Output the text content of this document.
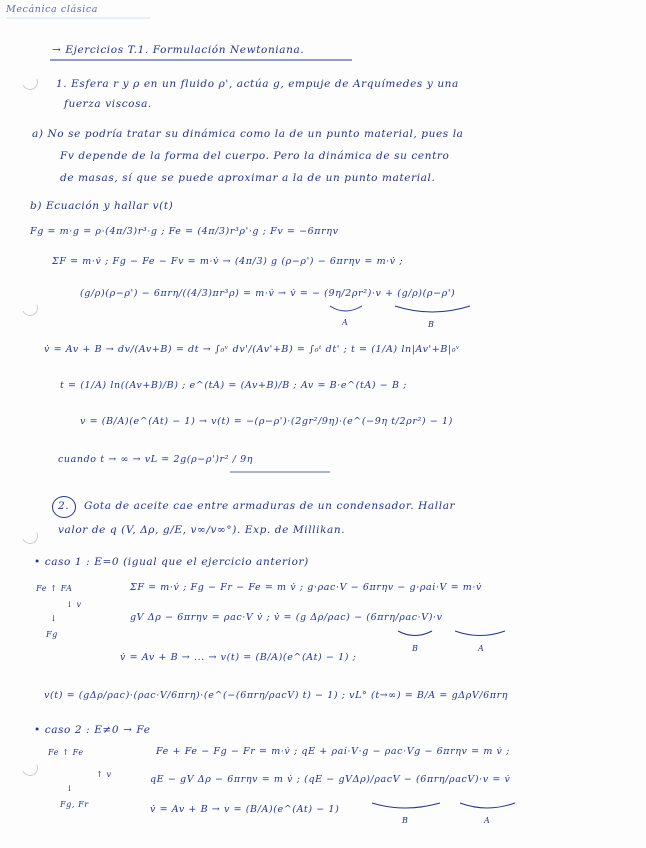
Mecánica clásica
→ Ejercicios T.1. Formulación Newtoniana.
1. Esfera r y ρ en un fluido ρ', actúa g, empuje de Arquímedes y una
fuerza viscosa.
a) No se podría tratar su dinámica como la de un punto material, pues la
Fv depende de la forma del cuerpo. Pero la dinámica de su centro
de masas, sí que se puede aproximar a la de un punto material.
b) Ecuación y hallar v(t)
Fg = m·g = ρ·(4π/3)r³·g ; Fe = (4π/3)r³ρ'·g ; Fv = −6πrηv
ΣF = m·v̇ ; Fg − Fe − Fv = m·v̇ → (4π/3) g (ρ−ρ') − 6πrηv = m·v̇ ;
(g/ρ)(ρ−ρ') − 6πrη/((4/3)πr³ρ) = m·v̇ → v̇ = − (9η/2ρr²)·v + (g/ρ)(ρ−ρ')
A	B
v̇ = Av + B → dv/(Av+B) = dt → ∫₀ᵛ dv'/(Av'+B) = ∫₀ᵗ dt' ; t = (1/A) ln|Av'+B|₀ᵛ
t = (1/A) ln((Av+B)/B) ; e^(tA) = (Av+B)/B ; Av = B·e^(tA) − B ;
v = (B/A)(e^(At) − 1) → v(t) = −(ρ−ρ')·(2gr²/9η)·(e^(−9η t/2ρr²) − 1)
cuando t → ∞ → vL = 2g(ρ−ρ')r² / 9η
2. Gota de aceite cae entre armaduras de un condensador. Hallar
valor de q (V, Δρ, g/E, v∞/v∞°). Exp. de Millikan.
• caso 1 : E=0 (igual que el ejercicio anterior)
Fe ↑ FA
↓ v
↓
Fg
ΣF = m·v̇ ; Fg − Fr − Fe = m v̇ ; g·ρac·V − 6πrηv − g·ρai·V = m·v̇
gV Δρ − 6πrηv = ρac·V v̇ ; v̇ = (g Δρ/ρac) − (6πrη/ρac·V)·v
B	A
v̇ = Av + B → ... → v(t) = (B/A)(e^(At) − 1) ;
v(t) = (gΔρ/ρac)·(ρac·V/6πrη)·(e^(−(6πrη/ρacV) t) − 1) ; vL° (t→∞) = B/A = gΔρV/6πrη
• caso 2 : E≠0 → Fe
Fe ↑ Fe
↑ v
↓
Fg, Fr
Fe + Fe − Fg − Fr = m·v̇ ; qE + ρai·V·g − ρac·Vg − 6πrηv = m v̇ ;
qE − gV Δρ − 6πrηv = m v̇ ; (qE − gVΔρ)/ρacV − (6πrη/ρacV)·v = v̇
B	A
v̇ = Av + B → v = (B/A)(e^(At) − 1)
